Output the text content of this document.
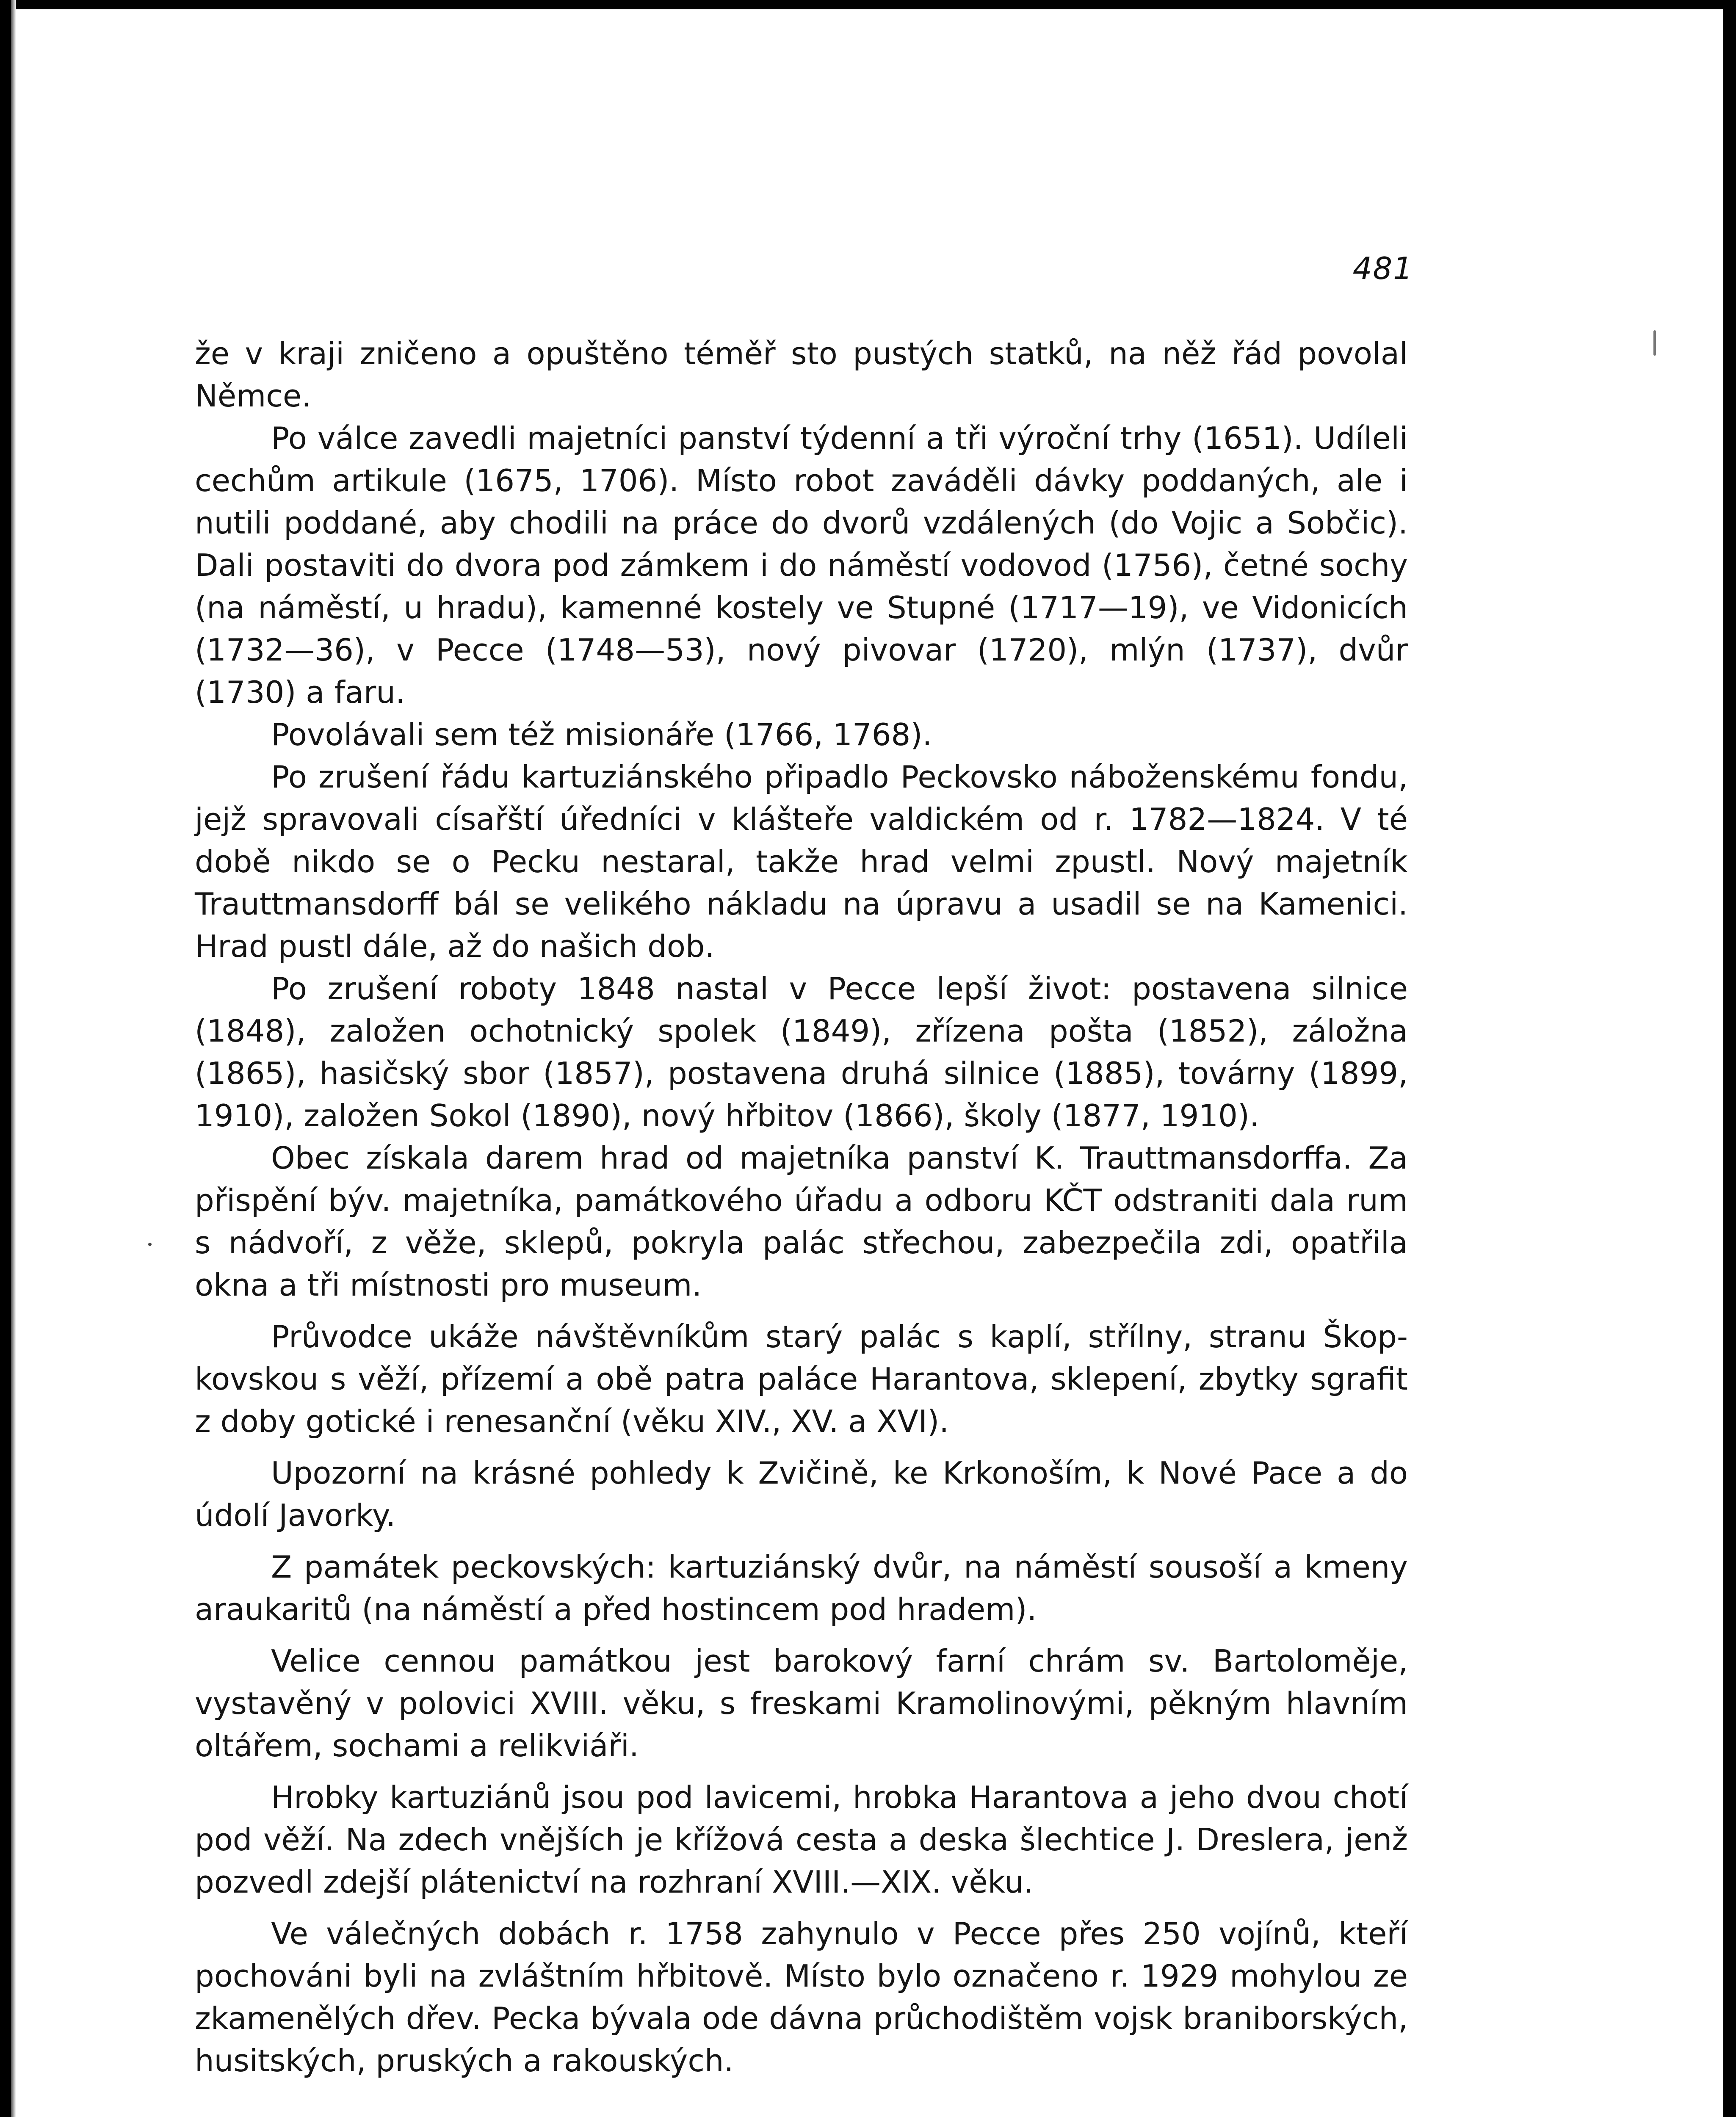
481

že v kraji zničeno a opuštěno téměř sto pustých statků, na něž řád povolal Němce.

Po válce zavedli majetníci panství týdenní a tři výroční trhy (1651). Udíleli cechům artikule (1675, 1706). Místo robot zaváděli dávky poddaných, ale i nutili poddané, aby chodili na práce do dvorů vzdálených (do Vojic a Sobčic). Dali postaviti do dvora pod zámkem i do náměstí vodovod (1756), četné sochy (na náměstí, u hradu), kamenné kostely ve Stupné (1717—19), ve Vidonicích (1732—36), v Pecce (1748—53), nový pivovar (1720), mlýn (1737), dvůr (1730) a faru.

Povolávali sem též misionáře (1766, 1768).

Po zrušení řádu kartuziánského připadlo Peckovsko náboženskému fondu, jejž spravovali císařští úředníci v klášteře valdickém od r. 1782—1824. V té době nikdo se o Pecku nestaral, takže hrad velmi zpustl. Nový majetník Trauttmansdorff bál se velikého nákladu na úpravu a usadil se na Kamenici. Hrad pustl dále, až do našich dob.

Po zrušení roboty 1848 nastal v Pecce lepší život: postavena silnice (1848), založen ochotnický spolek (1849), zřízena pošta (1852), záložna (1865), hasičský sbor (1857), postavena druhá silnice (1885), továrny (1899, 1910), založen Sokol (1890), nový hřbitov (1866), školy (1877, 1910).

Obec získala darem hrad od majetníka panství K. Trauttmansdorffa. Za přispění býv. majetníka, památkového úřadu a odboru KČT odstraniti dala rum s nádvoří, z věže, sklepů, pokryla palác střechou, zabezpečila zdi, opatřila okna a tři místnosti pro museum.

Průvodce ukáže návštěvníkům starý palác s kaplí, střílny, stranu Škopkovskou s věží, přízemí a obě patra paláce Harantova, sklepení, zbytky sgrafit z doby gotické i renesanční (věku XIV., XV. a XVI).

Upozorní na krásné pohledy k Zvičině, ke Krkonoším, k Nové Pace a do údolí Javorky.

Z památek peckovských: kartuziánský dvůr, na náměstí sousoší a kmeny araukaritů (na náměstí a před hostincem pod hradem).

Velice cennou památkou jest barokový farní chrám sv. Bartoloměje, vystavěný v polovici XVIII. věku, s freskami Kramolinovými, pěkným hlavním oltářem, sochami a relikviáři.

Hrobky kartuziánů jsou pod lavicemi, hrobka Harantova a jeho dvou chotí pod věží. Na zdech vnějších je křížová cesta a deska šlechtice J. Dreslera, jenž pozvedl zdejší plátenictví na rozhraní XVIII.—XIX. věku.

Ve válečných dobách r. 1758 zahynulo v Pecce přes 250 vojínů, kteří pochováni byli na zvláštním hřbitově. Místo bylo označeno r. 1929 mohylou ze zkamenělých dřev. Pecka bývala ode dávna průchodištěm vojsk braniborských, husitských, pruských a rakouských.
